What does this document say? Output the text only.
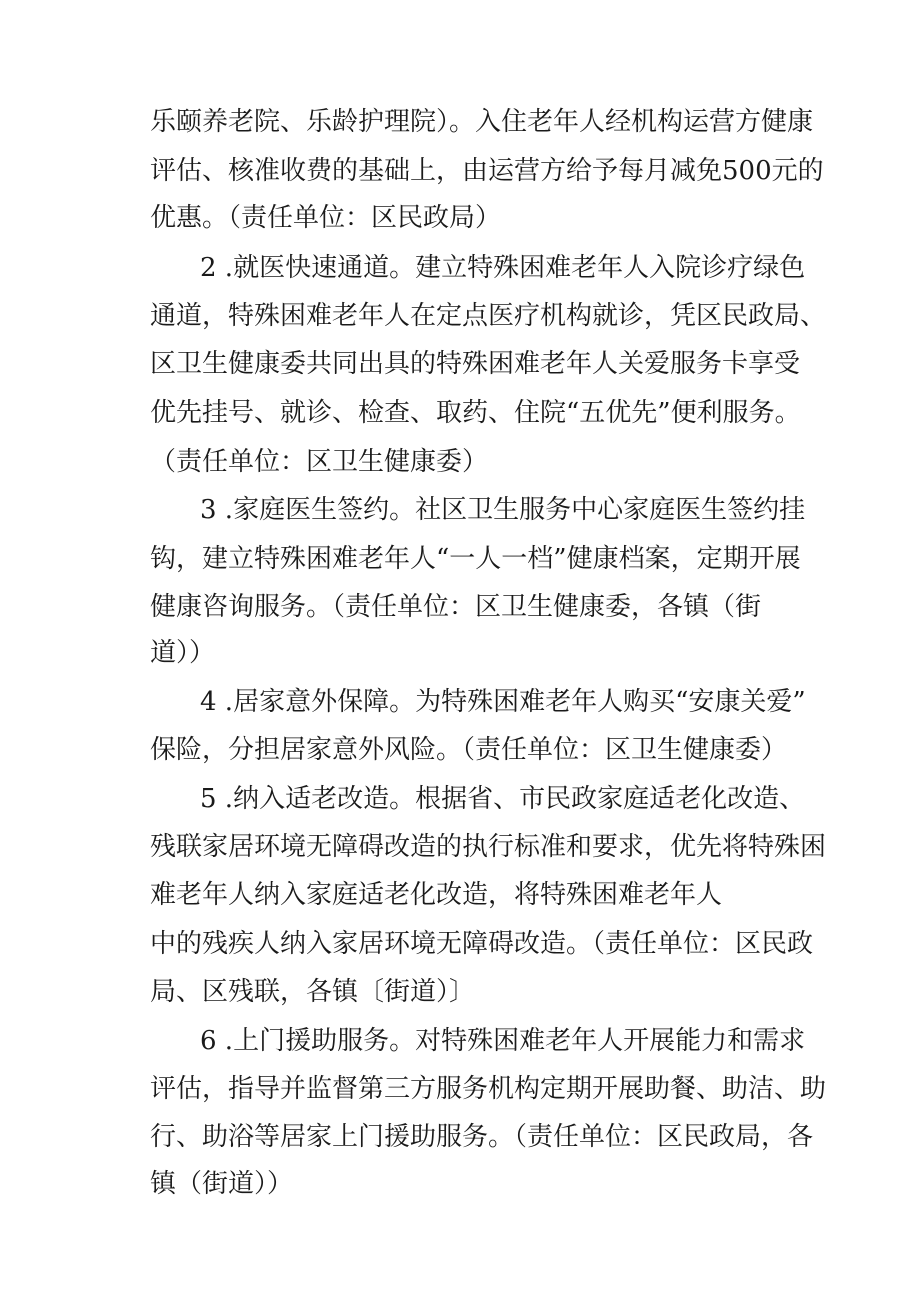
乐颐养老院、乐龄护理院）。入住老年人经机构运营方健康

评估、核准收费的基础上，由运营方给予每月减免500元的

优惠。（责任单位：区民政局）

2 .就医快速通道。建立特殊困难老年人入院诊疗绿色

通道，特殊困难老年人在定点医疗机构就诊，凭区民政局、

区卫生健康委共同出具的特殊困难老年人关爱服务卡享受

优先挂号、就诊、检查、取药、住院“五优先”便利服务。

（责任单位：区卫生健康委）

3 .家庭医生签约。社区卫生服务中心家庭医生签约挂

钩，建立特殊困难老年人“一人一档”健康档案，定期开展

健康咨询服务。（责任单位：区卫生健康委，各镇（街

道））

4 .居家意外保障。为特殊困难老年人购买“安康关爱”

保险，分担居家意外风险。（责任单位：区卫生健康委）

5 .纳入适老改造。根据省、市民政家庭适老化改造、

残联家居环境无障碍改造的执行标准和要求，优先将特殊困

难老年人纳入家庭适老化改造，将特殊困难老年人

中的残疾人纳入家居环境无障碍改造。（责任单位：区民政

局、区残联，各镇〔街道）〕

6 .上门援助服务。对特殊困难老年人开展能力和需求

评估，指导并监督第三方服务机构定期开展助餐、助洁、助

行、助浴等居家上门援助服务。（责任单位：区民政局，各

镇（街道））
